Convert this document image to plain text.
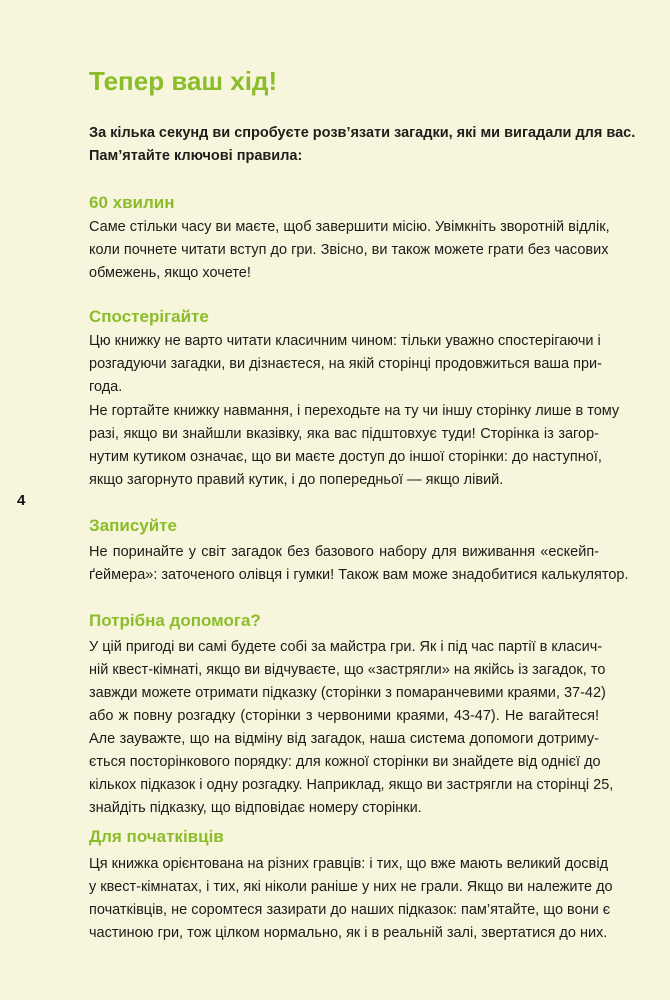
4
Тепер ваш хід!
За кілька секунд ви спробуєте розв’язати загадки, які ми вигадали для вас.
Пам’ятайте ключові правила:
60 хвилин
Саме стільки часу ви маєте, щоб завершити місію. Увімкніть зворотній відлік,
коли почнете читати вступ до гри. Звісно, ви також можете грати без часових
обмежень, якщо хочете!
Спостерігайте
Цю книжку не варто читати класичним чином: тільки уважно спостерігаючи і
розгадуючи загадки, ви дізнаєтеся, на якій сторінці продовжиться ваша при-
года.
Не гортайте книжку навмання, і переходьте на ту чи іншу сторінку лише в тому
разі, якщо ви знайшли вказівку, яка вас підштовхує туди! Сторінка із загор-
нутим кутиком означає, що ви маєте доступ до іншої сторінки: до наступної,
якщо загорнуто правий кутик, і до попередньої — якщо лівий.
Записуйте
Не поринайте у світ загадок без базового набору для виживання «ескейп-
ґеймера»: заточеного олівця і гумки! Також вам може знадобитися калькулятор.
Потрібна допомога?
У цій пригоді ви самі будете собі за майстра гри. Як і під час партії в класич-
ній квест-кімнаті, якщо ви відчуваєте, що «застрягли» на якійсь із загадок, то
завжди можете отримати підказку (сторінки з помаранчевими краями, 37-42)
або ж повну розгадку (сторінки з червоними краями, 43-47). Не вагайтеся!
Але зауважте, що на відміну від загадок, наша система допомоги дотриму-
ється посторінкового порядку: для кожної сторінки ви знайдете від однієї до
кількох підказок і одну розгадку. Наприклад, якщо ви застрягли на сторінці 25,
знайдіть підказку, що відповідає номеру сторінки.
Для початківців
Ця книжка орієнтована на різних гравців: і тих, що вже мають великий досвід
у квест-кімнатах, і тих, які ніколи раніше у них не грали. Якщо ви належите до
початківців, не соромтеся зазирати до наших підказок: пам’ятайте, що вони є
частиною гри, тож цілком нормально, як і в реальній залі, звертатися до них.
